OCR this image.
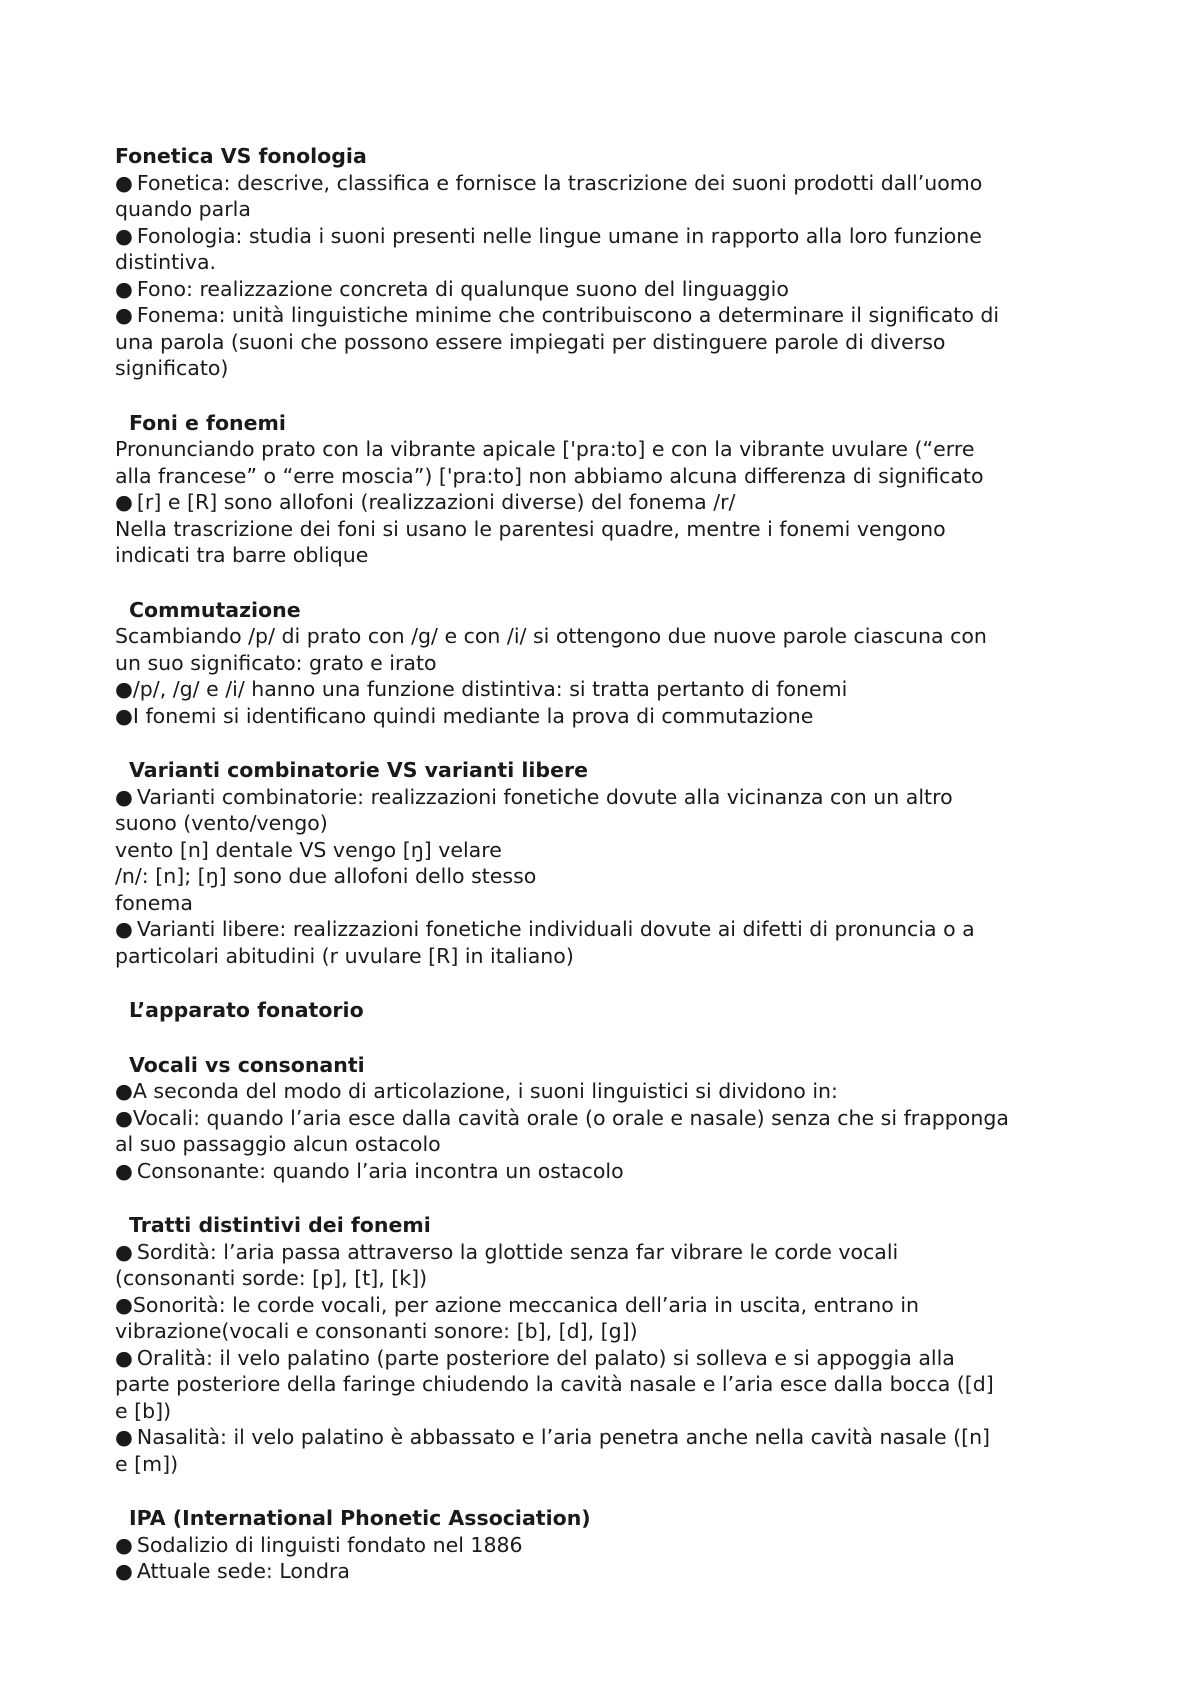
Fonetica VS fonologia
● Fonetica: descrive, classifica e fornisce la trascrizione dei suoni prodotti dall’uomo
quando parla
● Fonologia: studia i suoni presenti nelle lingue umane in rapporto alla loro funzione
distintiva.
● Fono: realizzazione concreta di qualunque suono del linguaggio
● Fonema: unità linguistiche minime che contribuiscono a determinare il significato di
una parola (suoni che possono essere impiegati per distinguere parole di diverso
significato)
Foni e fonemi
Pronunciando prato con la vibrante apicale ['pra:to] e con la vibrante uvulare (“erre
alla francese” o “erre moscia”) ['pra:to] non abbiamo alcuna differenza di significato
● [r] e [R] sono allofoni (realizzazioni diverse) del fonema /r/
Nella trascrizione dei foni si usano le parentesi quadre, mentre i fonemi vengono
indicati tra barre oblique
Commutazione
Scambiando /p/ di prato con /g/ e con /i/ si ottengono due nuove parole ciascuna con
un suo significato: grato e irato
● /p/, /g/ e /i/ hanno una funzione distintiva: si tratta pertanto di fonemi
● I fonemi si identificano quindi mediante la prova di commutazione
Varianti combinatorie VS varianti libere
● Varianti combinatorie: realizzazioni fonetiche dovute alla vicinanza con un altro
suono (vento/vengo)
vento [n] dentale VS vengo [ŋ] velare
/n/: [n]; [ŋ] sono due allofoni dello stesso
fonema
● Varianti libere: realizzazioni fonetiche individuali dovute ai difetti di pronuncia o a
particolari abitudini (r uvulare [R] in italiano)
L’apparato fonatorio
Vocali vs consonanti
● A seconda del modo di articolazione, i suoni linguistici si dividono in:
● Vocali: quando l’aria esce dalla cavità orale (o orale e nasale) senza che si frapponga
al suo passaggio alcun ostacolo
● Consonante: quando l’aria incontra un ostacolo
Tratti distintivi dei fonemi
● Sordità: l’aria passa attraverso la glottide senza far vibrare le corde vocali
(consonanti sorde: [p], [t], [k])
● Sonorità: le corde vocali, per azione meccanica dell’aria in uscita, entrano in
vibrazione(vocali e consonanti sonore: [b], [d], [g])
● Oralità: il velo palatino (parte posteriore del palato) si solleva e si appoggia alla
parte posteriore della faringe chiudendo la cavità nasale e l’aria esce dalla bocca ([d]
e [b])
● Nasalità: il velo palatino è abbassato e l’aria penetra anche nella cavità nasale ([n]
e [m])
IPA (International Phonetic Association)
● Sodalizio di linguisti fondato nel 1886
● Attuale sede: Londra
